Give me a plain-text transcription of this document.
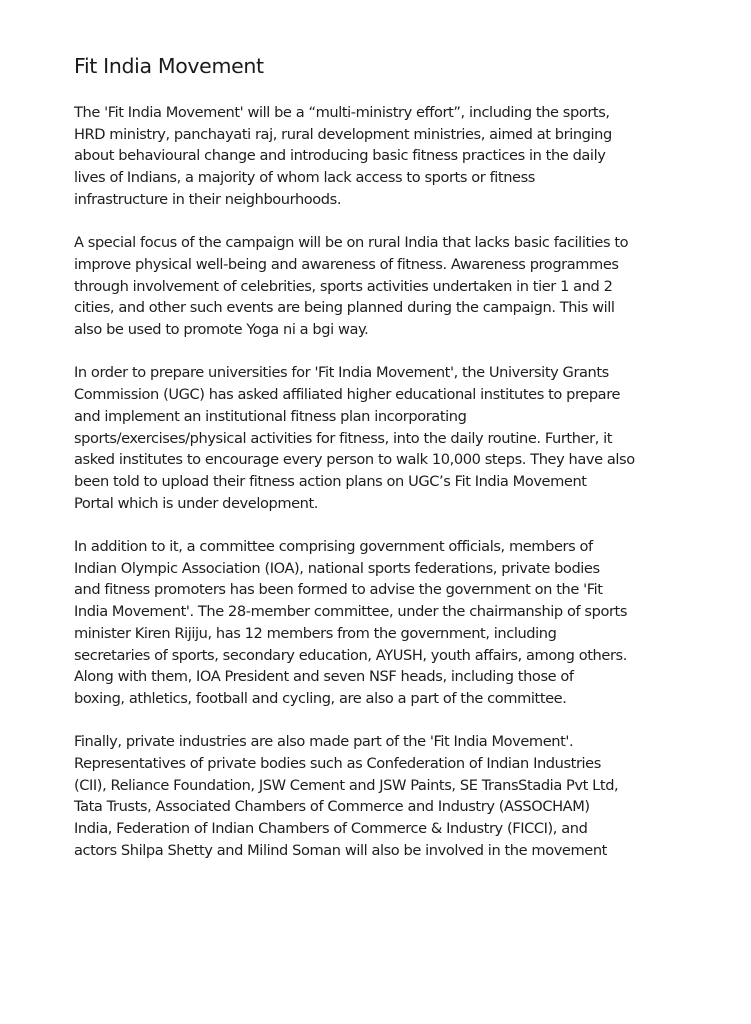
Fit India Movement

The 'Fit India Movement' will be a “multi-ministry effort”, including the sports,
HRD ministry, panchayati raj, rural development ministries, aimed at bringing
about behavioural change and introducing basic fitness practices in the daily
lives of Indians, a majority of whom lack access to sports or fitness
infrastructure in their neighbourhoods.

A special focus of the campaign will be on rural India that lacks basic facilities to
improve physical well-being and awareness of fitness. Awareness programmes
through involvement of celebrities, sports activities undertaken in tier 1 and 2
cities, and other such events are being planned during the campaign. This will
also be used to promote Yoga ni a bgi way.

In order to prepare universities for 'Fit India Movement', the University Grants
Commission (UGC) has asked affiliated higher educational institutes to prepare
and implement an institutional fitness plan incorporating
sports/exercises/physical activities for fitness, into the daily routine. Further, it
asked institutes to encourage every person to walk 10,000 steps. They have also
been told to upload their fitness action plans on UGC’s Fit India Movement
Portal which is under development.

In addition to it, a committee comprising government officials, members of
Indian Olympic Association (IOA), national sports federations, private bodies
and fitness promoters has been formed to advise the government on the 'Fit
India Movement'. The 28-member committee, under the chairmanship of sports
minister Kiren Rijiju, has 12 members from the government, including
secretaries of sports, secondary education, AYUSH, youth affairs, among others.
Along with them, IOA President and seven NSF heads, including those of
boxing, athletics, football and cycling, are also a part of the committee.

Finally, private industries are also made part of the 'Fit India Movement'.
Representatives of private bodies such as Confederation of Indian Industries
(CII), Reliance Foundation, JSW Cement and JSW Paints, SE TransStadia Pvt Ltd,
Tata Trusts, Associated Chambers of Commerce and Industry (ASSOCHAM)
India, Federation of Indian Chambers of Commerce & Industry (FICCI), and
actors Shilpa Shetty and Milind Soman will also be involved in the movement
